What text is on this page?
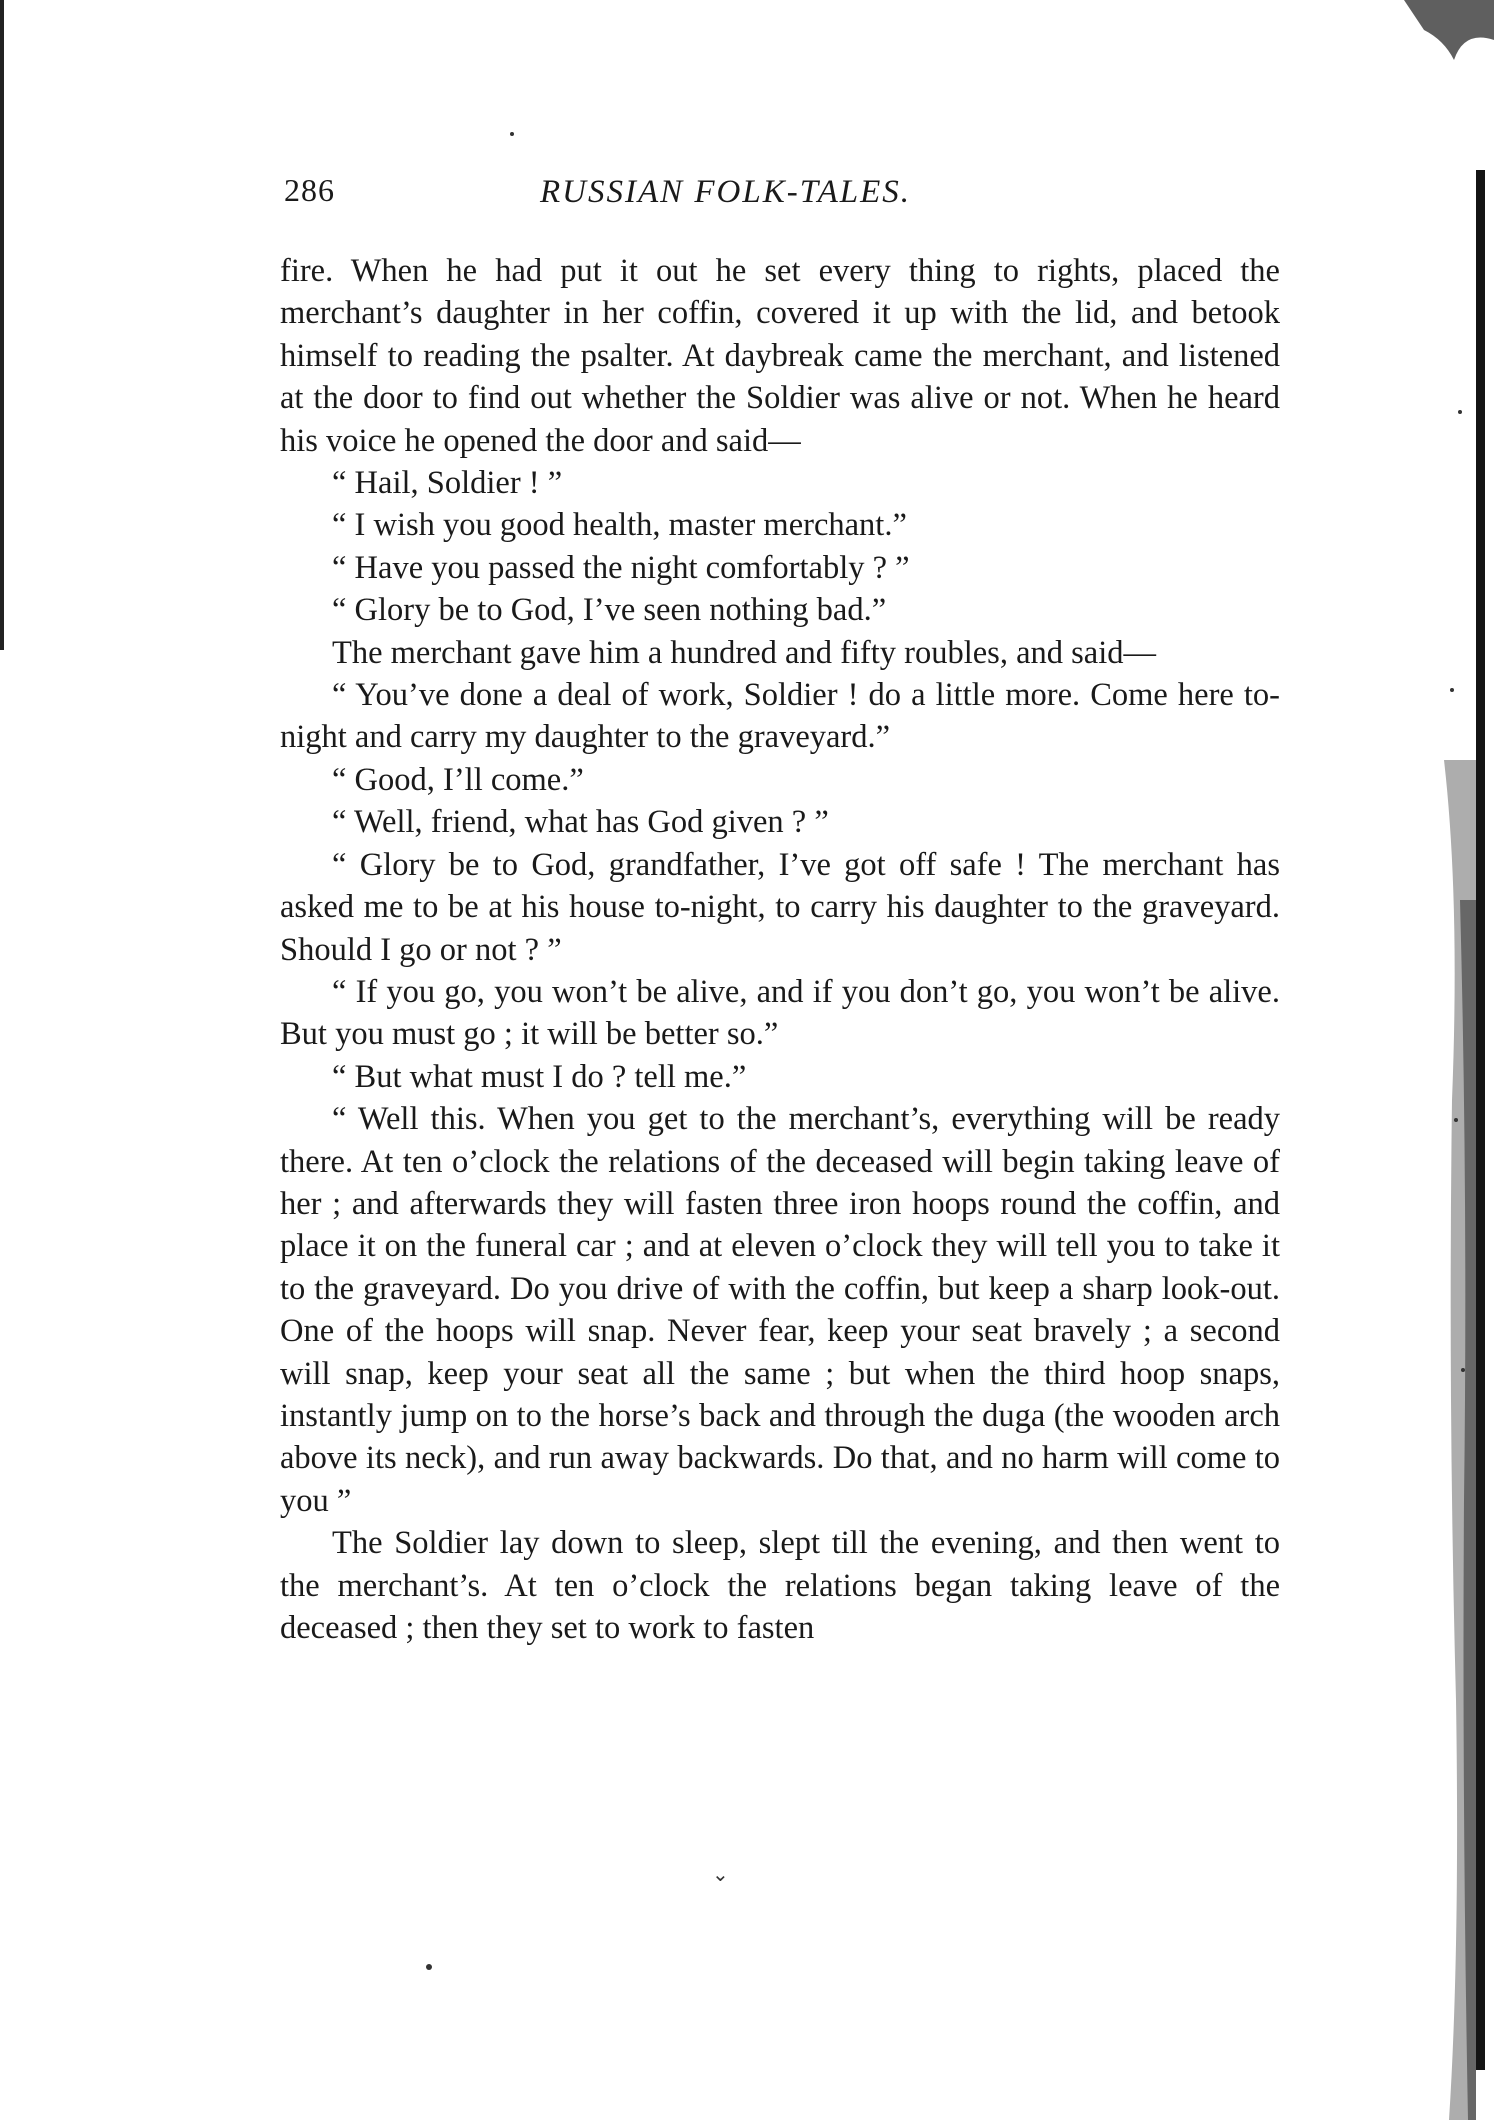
286	RUSSIAN FOLK-TALES.

fire. When he had put it out he set every thing to rights, placed the merchant’s daughter in her coffin, covered it up with the lid, and betook himself to reading the psalter. At daybreak came the merchant, and listened at the door to find out whether the Soldier was alive or not. When he heard his voice he opened the door and said—

“ Hail, Soldier ! ”

“ I wish you good health, master merchant.”

“ Have you passed the night comfortably ? ”

“ Glory be to God, I’ve seen nothing bad.”

The merchant gave him a hundred and fifty roubles, and said—

“ You’ve done a deal of work, Soldier ! do a little more. Come here to-night and carry my daughter to the graveyard.”

“ Good, I’ll come.”

“ Well, friend, what has God given ? ”

“ Glory be to God, grandfather, I’ve got off safe ! The merchant has asked me to be at his house to-night, to carry his daughter to the graveyard. Should I go or not ? ”

“ If you go, you won’t be alive, and if you don’t go, you won’t be alive. But you must go ; it will be better so.”

“ But what must I do ? tell me.”

“ Well this. When you get to the merchant’s, everything will be ready there. At ten o’clock the relations of the deceased will begin taking leave of her ; and afterwards they will fasten three iron hoops round the coffin, and place it on the funeral car ; and at eleven o’clock they will tell you to take it to the graveyard. Do you drive of with the coffin, but keep a sharp look-out. One of the hoops will snap. Never fear, keep your seat bravely ; a second will snap, keep your seat all the same ; but when the third hoop snaps, instantly jump on to the horse’s back and through the duga (the wooden arch above its neck), and run away backwards. Do that, and no harm will come to you ”

The Soldier lay down to sleep, slept till the evening, and then went to the merchant’s. At ten o’clock the relations began taking leave of the deceased ; then they set to work to fasten

⌄
